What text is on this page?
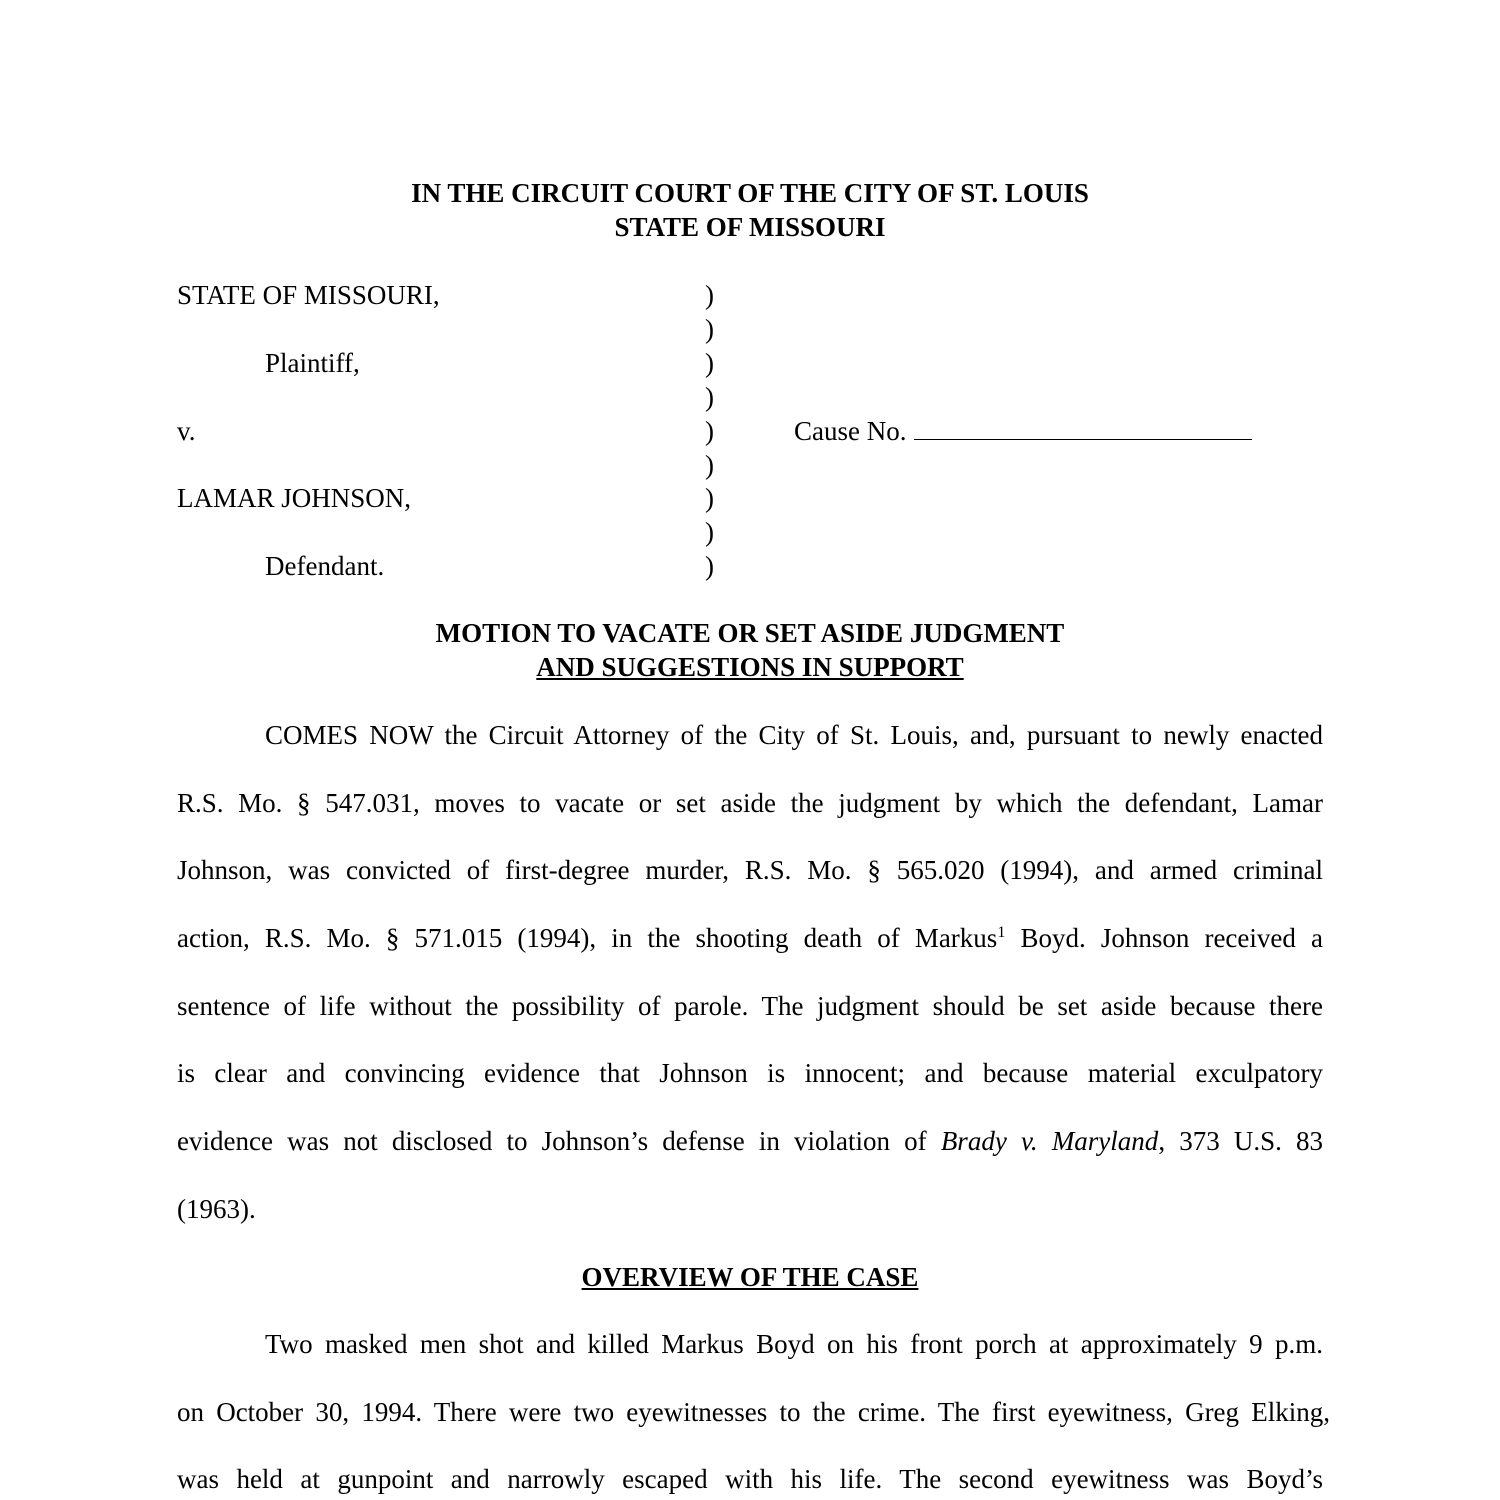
IN THE CIRCUIT COURT OF THE CITY OF ST. LOUIS
STATE OF MISSOURI
STATE OF MISSOURI,
Plaintiff,
v.
LAMAR JOHNSON,
Defendant.
)
)
)
)
)
)
)
)
)
Cause No.
MOTION TO VACATE OR SET ASIDE JUDGMENT
AND SUGGESTIONS IN SUPPORT
COMES NOW the Circuit Attorney of the City of St. Louis, and, pursuant to newly enacted
R.S. Mo. § 547.031, moves to vacate or set aside the judgment by which the defendant, Lamar
Johnson, was convicted of first-degree murder, R.S. Mo. § 565.020 (1994), and armed criminal
action, R.S. Mo. § 571.015 (1994), in the shooting death of Markus$^1$ Boyd. Johnson received a
sentence of life without the possibility of parole. The judgment should be set aside because there
is clear and convincing evidence that Johnson is innocent; and because material exculpatory
evidence was not disclosed to Johnson’s defense in violation of Brady v. Maryland, 373 U.S. 83
(1963).
OVERVIEW OF THE CASE
Two masked men shot and killed Markus Boyd on his front porch at approximately 9 p.m.
on October 30, 1994. There were two eyewitnesses to the crime. The first eyewitness, Greg Elking,
was held at gunpoint and narrowly escaped with his life. The second eyewitness was Boyd’s
